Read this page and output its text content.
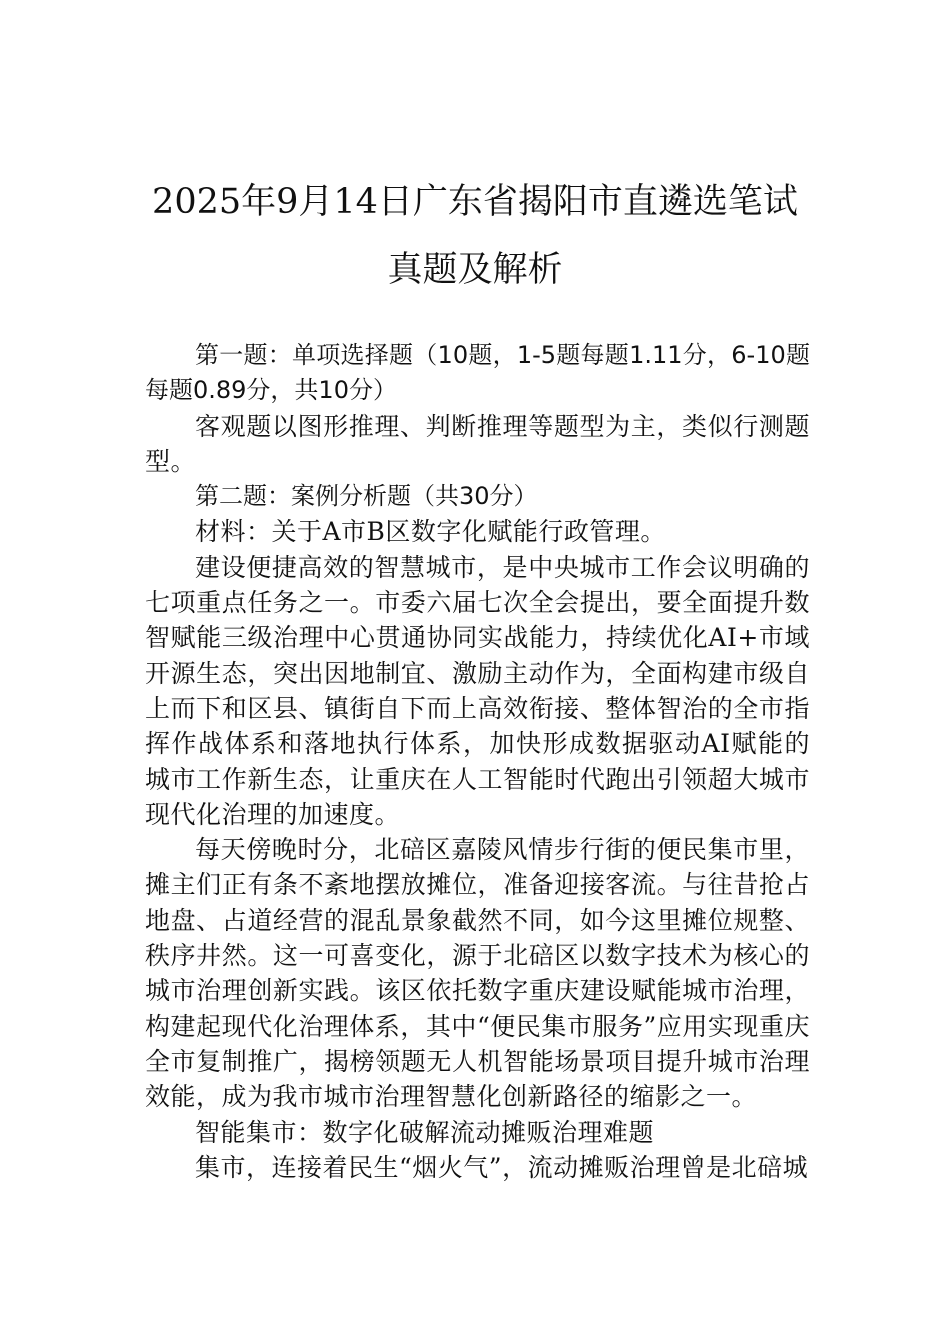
2025年9月14日广东省揭阳市直遴选笔试
真题及解析

第一题：单项选择题（10题，1-5题每题1.11分，6-10题每题0.89分，共10分）

客观题以图形推理、判断推理等题型为主，类似行测题型。

第二题：案例分析题（共30分）

材料：关于A市B区数字化赋能行政管理。

建设便捷高效的智慧城市，是中央城市工作会议明确的七项重点任务之一。市委六届七次全会提出，要全面提升数智赋能三级治理中心贯通协同实战能力，持续优化AI+市域开源生态，突出因地制宜、激励主动作为，全面构建市级自上而下和区县、镇街自下而上高效衔接、整体智治的全市指挥作战体系和落地执行体系，加快形成数据驱动AI赋能的城市工作新生态，让重庆在人工智能时代跑出引领超大城市现代化治理的加速度。

每天傍晚时分，北碚区嘉陵风情步行街的便民集市里，摊主们正有条不紊地摆放摊位，准备迎接客流。与往昔抢占地盘、占道经营的混乱景象截然不同，如今这里摊位规整、秩序井然。这一可喜变化，源于北碚区以数字技术为核心的城市治理创新实践。该区依托数字重庆建设赋能城市治理，构建起现代化治理体系，其中“便民集市服务”应用实现重庆全市复制推广，揭榜领题无人机智能场景项目提升城市治理效能，成为我市城市治理智慧化创新路径的缩影之一。

智能集市：数字化破解流动摊贩治理难题

集市，连接着民生“烟火气”，流动摊贩治理曾是北碚城
